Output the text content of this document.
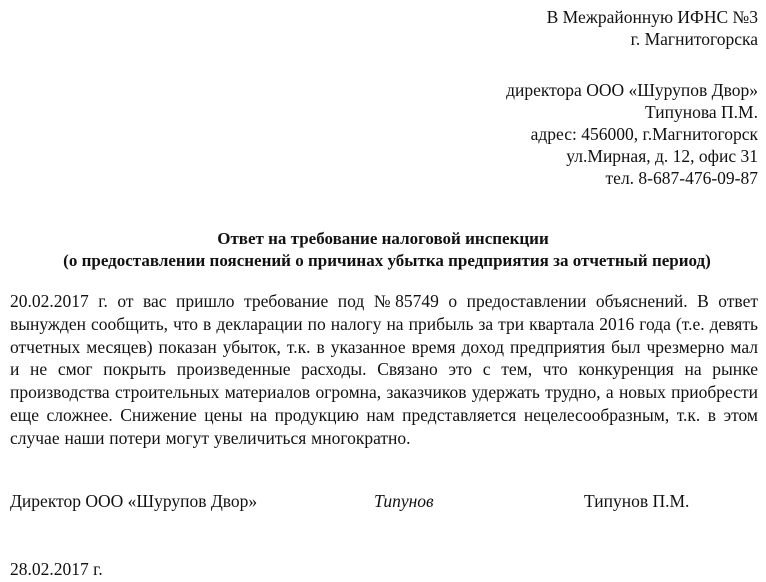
В Межрайонную ИФНС №3
г. Магнитогорска
директора ООО «Шурупов Двор»
Типунова П.М.
адрес: 456000, г.Магнитогорск
ул.Мирная, д. 12, офис 31
тел. 8-687-476-09-87
Ответ на требование налоговой инспекции
(о предоставлении пояснений о причинах убытка предприятия за отчетный период)
20.02.2017 г. от вас пришло требование под №85749 о предоставлении объяснений. В ответ вынужден сообщить, что в декларации по налогу на прибыль за три квартала 2016 года (т.е. девять отчетных месяцев) показан убыток, т.к. в указанное время доход предприятия был чрезмерно мал и не смог покрыть произведенные расходы. Связано это с тем, что конкуренция на рынке производства строительных материалов огромна, заказчиков удержать трудно, а новых приобрести еще сложнее. Снижение цены на продукцию нам представляется нецелесообразным, т.к. в этом случае наши потери могут увеличиться многократно.
Директор ООО «Шурупов Двор»	Типунов	Типунов П.М.
28.02.2017 г.
